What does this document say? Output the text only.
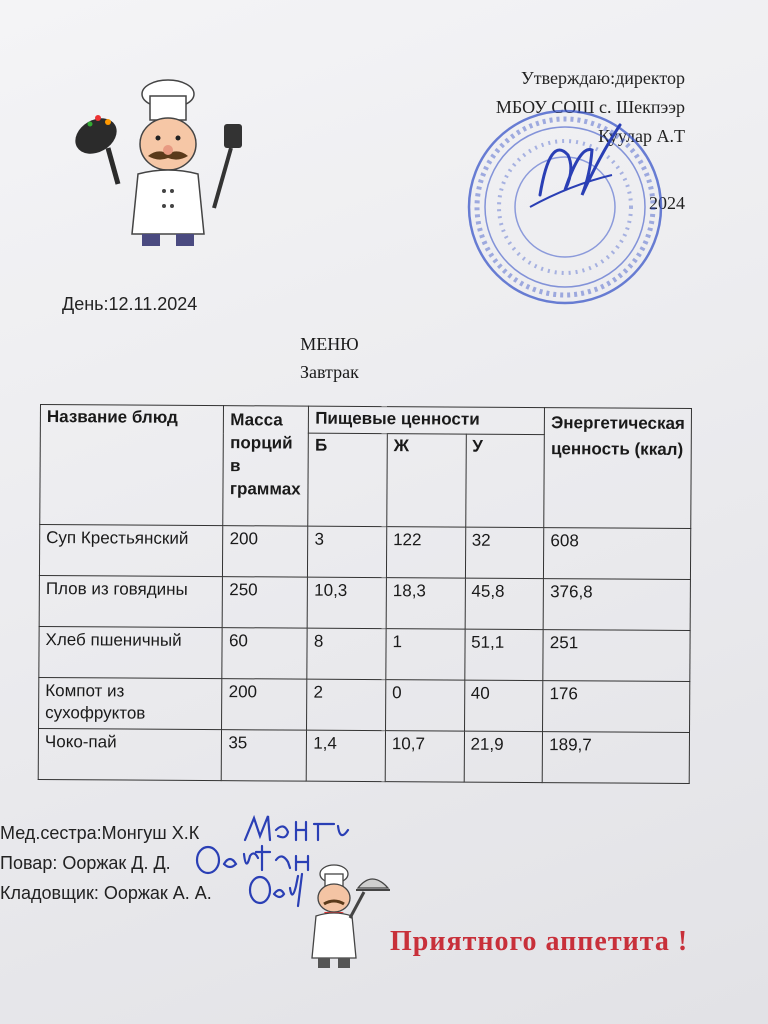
Утверждаю:директор
МБОУ СОШ с. Шекпээр
Куулар А.Т
2024
День:12.11.2024
МЕНЮ
Завтрак
Название блюд	Масса порций в граммах	Пищевые ценности			Энергетическая ценность (ккал)
		Б	Ж	У	
Суп Крестьянский	200	3	122	32	608
Плов из говядины	250	10,3	18,3	45,8	376,8
Хлеб пшеничный	60	8	1	51,1	251
Компот из сухофруктов	200	2	0	40	176
Чоко-пай	35	1,4	10,7	21,9	189,7
Мед.сестра:Монгуш Х.К
Повар: Ооржак Д. Д.
Кладовщик: Ооржак А. А.
Приятного аппетита !
